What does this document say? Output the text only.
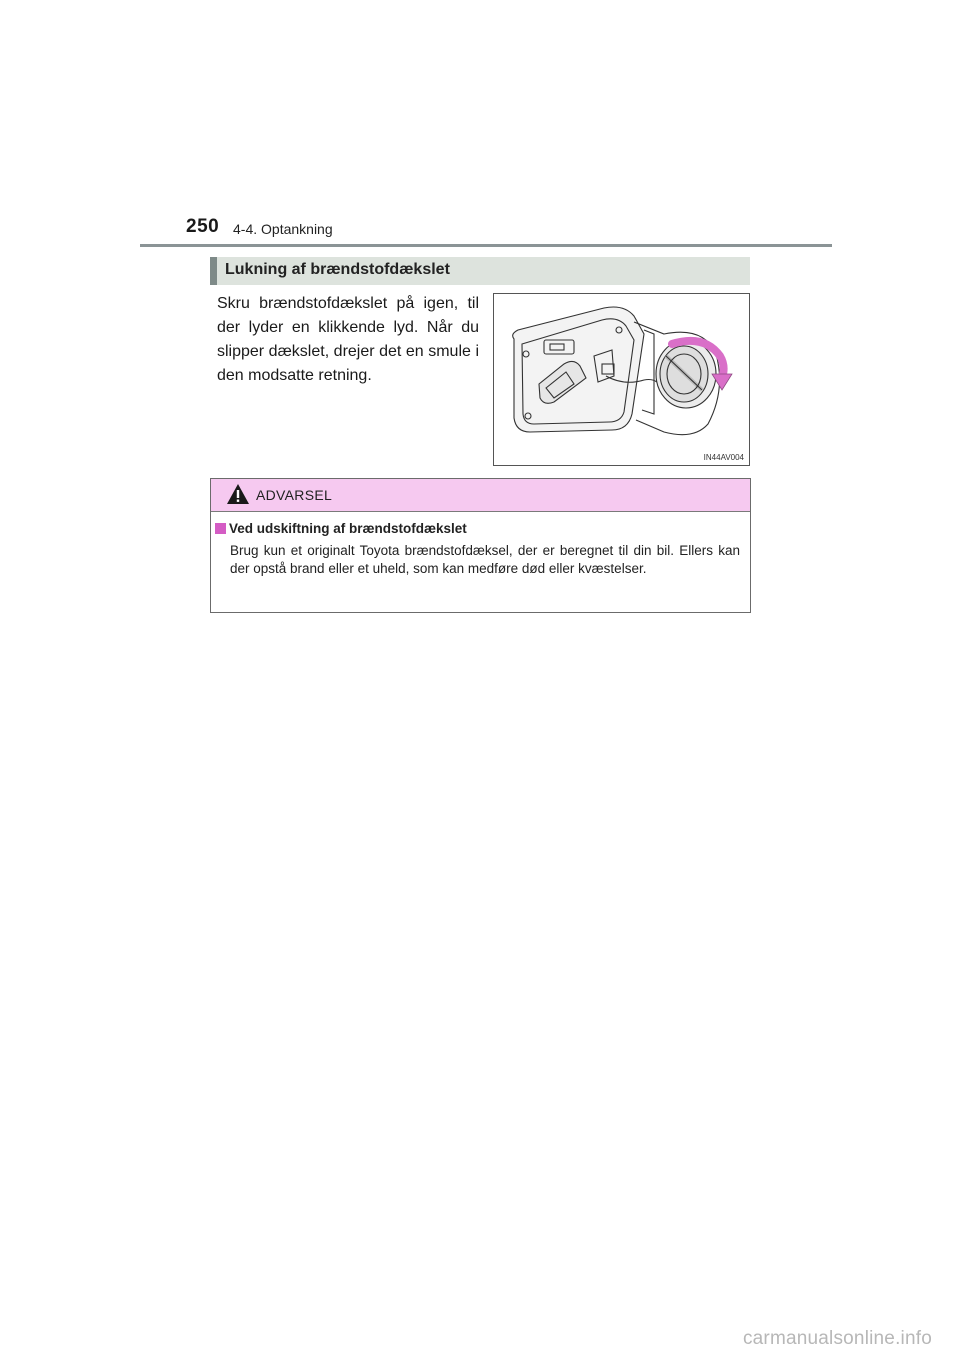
250 4-4. Optankning
Lukning af brændstofdækslet
Skru brændstofdækslet på igen, til der lyder en klikkende lyd. Når du slipper dækslet, drejer det en smule i den modsatte retning.
IN44AV004
ADVARSEL
Ved udskiftning af brændstofdækslet
Brug kun et originalt Toyota brændstofdæksel, der er beregnet til din bil. Ellers kan der opstå brand eller et uheld, som kan medføre død eller kvæstelser.
carmanualsonline.info
